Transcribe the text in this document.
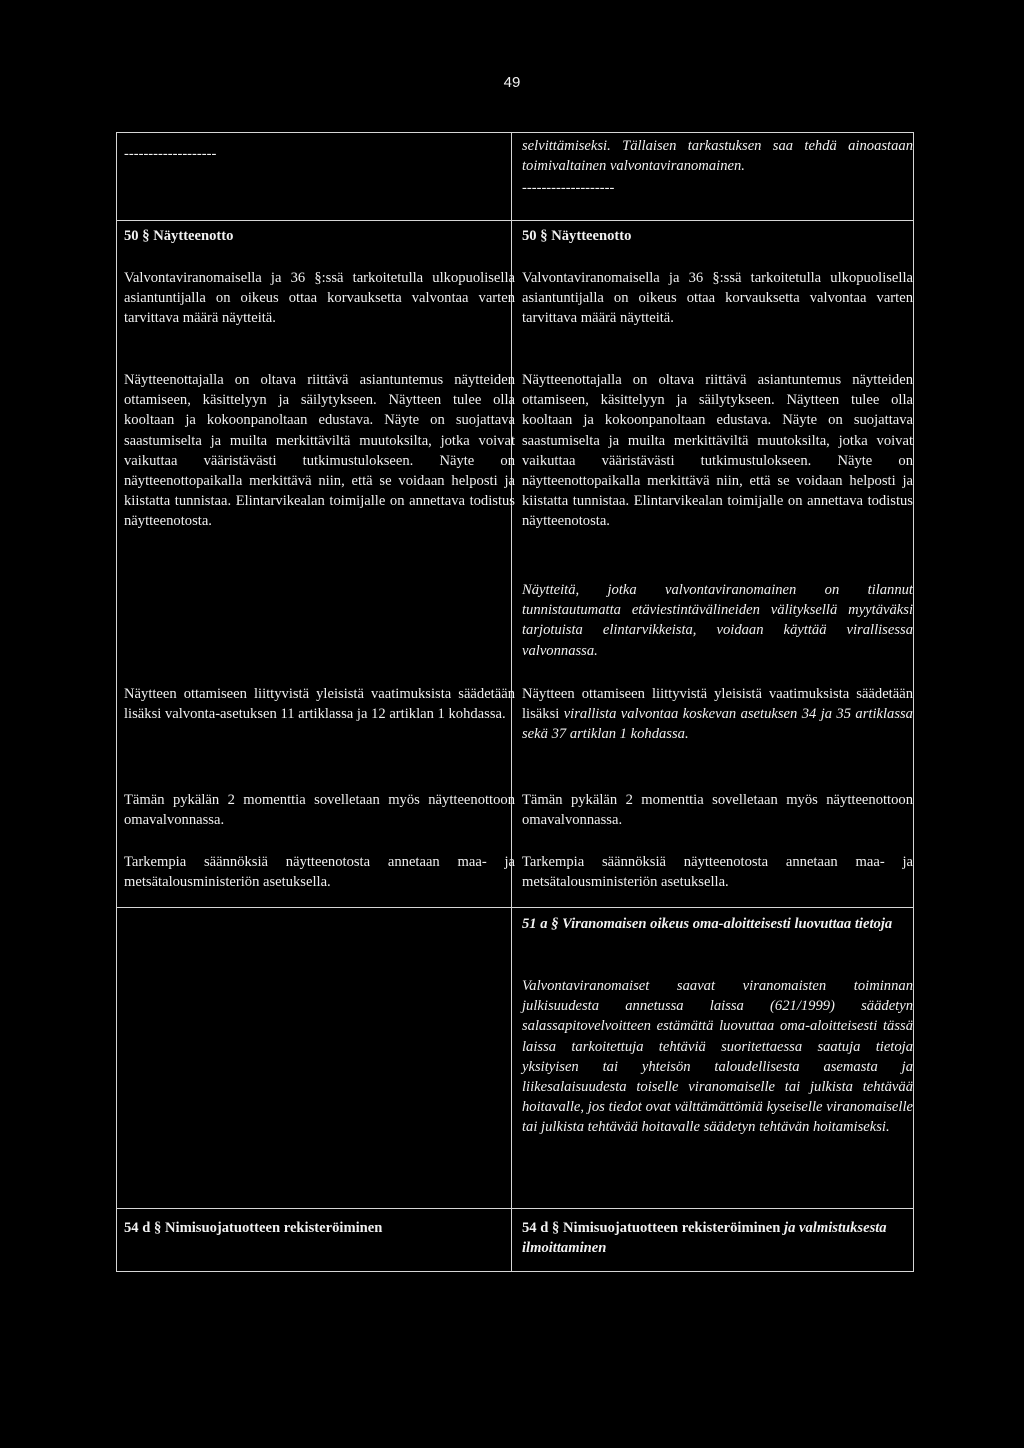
49

-------------------

50 § Näytteenotto

Valvontaviranomaisella ja 36 §:ssä tarkoitetulla ulkopuolisella asiantuntijalla on oikeus ottaa korvauksetta valvontaa varten tarvittava määrä näytteitä.

Näytteenottajalla on oltava riittävä asiantuntemus näytteiden ottamiseen, käsittelyyn ja säilytykseen. Näytteen tulee olla kooltaan ja kokoonpanoltaan edustava. Näyte on suojattava saastumiselta ja muilta merkittäviltä muutoksilta, jotka voivat vaikuttaa vääristävästi tutkimustulokseen. Näyte on näytteenottopaikalla merkittävä niin, että se voidaan helposti ja kiistatta tunnistaa. Elintarvikealan toimijalle on annettava todistus näytteenotosta.

Näytteen ottamiseen liittyvistä yleisistä vaatimuksista säädetään lisäksi valvonta-asetuksen 11 artiklassa ja 12 artiklan 1 kohdassa.

Tämän pykälän 2 momenttia sovelletaan myös näytteenottoon omavalvonnassa.

Tarkempia säännöksiä näytteenotosta annetaan maa- ja metsätalousministeriön asetuksella.

54 d § Nimisuojatuotteen rekisteröiminen

selvittämiseksi. Tällaisen tarkastuksen saa tehdä ainoastaan toimivaltainen valvontaviranomainen.

-------------------

50 § Näytteenotto

Valvontaviranomaisella ja 36 §:ssä tarkoitetulla ulkopuolisella asiantuntijalla on oikeus ottaa korvauksetta valvontaa varten tarvittava määrä näytteitä.

Näytteenottajalla on oltava riittävä asiantuntemus näytteiden ottamiseen, käsittelyyn ja säilytykseen. Näytteen tulee olla kooltaan ja kokoonpanoltaan edustava. Näyte on suojattava saastumiselta ja muilta merkittäviltä muutoksilta, jotka voivat vaikuttaa vääristävästi tutkimustulokseen. Näyte on näytteenottopaikalla merkittävä niin, että se voidaan helposti ja kiistatta tunnistaa. Elintarvikealan toimijalle on annettava todistus näytteenotosta.

Näytteitä, jotka valvontaviranomainen on tilannut tunnistautumatta etäviestintävälineiden välityksellä myytäväksi tarjotuista elintarvikkeista, voidaan käyttää virallisessa valvonnassa.

Näytteen ottamiseen liittyvistä yleisistä vaatimuksista säädetään lisäksi virallista valvontaa koskevan asetuksen 34 ja 35 artiklassa sekä 37 artiklan 1 kohdassa.

Tämän pykälän 2 momenttia sovelletaan myös näytteenottoon omavalvonnassa.

Tarkempia säännöksiä näytteenotosta annetaan maa- ja metsätalousministeriön asetuksella.

51 a § Viranomaisen oikeus oma-aloitteisesti luovuttaa tietoja

Valvontaviranomaiset saavat viranomaisten toiminnan julkisuudesta annetussa laissa (621/1999) säädetyn salassapitovelvoitteen estämättä luovuttaa oma-aloitteisesti tässä laissa tarkoitettuja tehtäviä suoritettaessa saatuja tietoja yksityisen tai yhteisön taloudellisesta asemasta ja liikesalaisuudesta toiselle viranomaiselle tai julkista tehtävää hoitavalle, jos tiedot ovat välttämättömiä kyseiselle viranomaiselle tai julkista tehtävää hoitavalle säädetyn tehtävän hoitamiseksi.

54 d § Nimisuojatuotteen rekisteröiminen ja valmistuksesta ilmoittaminen
